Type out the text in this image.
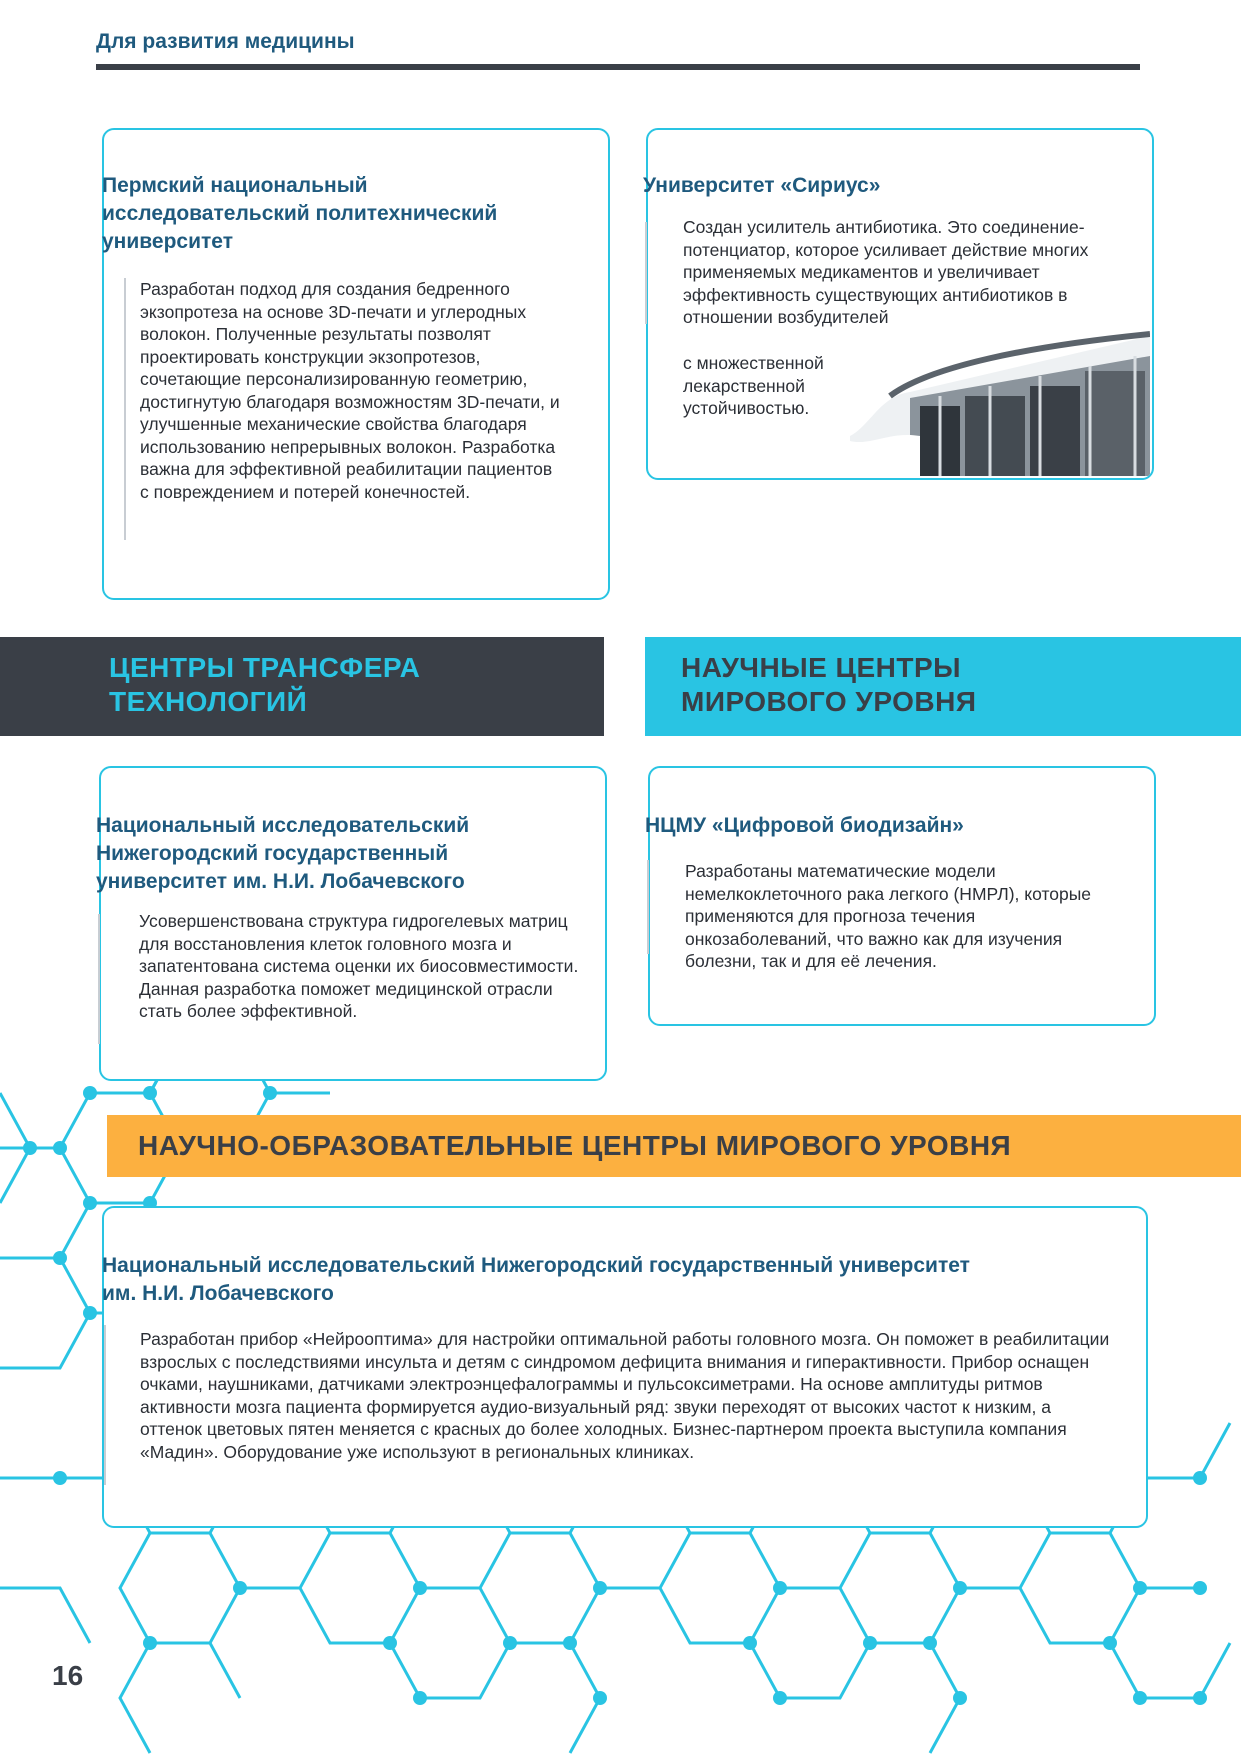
Для развития медицины
Пермский национальный исследовательский политехнический университет
Разработан подход для создания бедренного экзопротеза на основе 3D-печати и углеродных волокон. Полученные результаты позволят проектировать конструкции экзопротезов, сочетающие персонализированную геометрию, достигнутую благодаря возможностям 3D-печати, и улучшенные механические свойства благодаря использованию непрерывных волокон. Разработка важна для эффективной реабилитации пациентов с повреждением и потерей конечностей.
Университет «Сириус»
Создан усилитель антибиотика. Это соединение-потенциатор, которое усиливает действие многих применяемых медикаментов и увеличивает эффективность существующих антибиотиков в отношении возбудителей
с множественной лекарственной устойчивостью.
ЦЕНТРЫ ТРАНСФЕРА ТЕХНОЛОГИЙ
НАУЧНЫЕ ЦЕНТРЫ МИРОВОГО УРОВНЯ
Национальный исследовательский Нижегородский государственный университет им. Н.И. Лобачевского
Усовершенствована структура гидрогелевых матриц для восстановления клеток головного мозга и запатентована система оценки их биосовместимости. Данная разработка поможет медицинской отрасли стать более эффективной.
НЦМУ «Цифровой биодизайн»
Разработаны математические модели немелкоклеточного рака легкого (НМРЛ), которые применяются для прогноза течения онкозаболеваний, что важно как для изучения болезни, так и для её лечения.
НАУЧНО-ОБРАЗОВАТЕЛЬНЫЕ ЦЕНТРЫ МИРОВОГО УРОВНЯ
Национальный исследовательский Нижегородский государственный университет им. Н.И. Лобачевского
Разработан прибор «Нейрооптима» для настройки оптимальной работы головного мозга. Он поможет в реабилитации взрослых с последствиями инсульта и детям с синдромом дефицита внимания и гиперактивности. Прибор оснащен очками, наушниками, датчиками электроэнцефалограммы и пульсоксиметрами. На основе амплитуды ритмов активности мозга пациента формируется аудио-визуальный ряд: звуки переходят от высоких частот к низким, а оттенок цветовых пятен меняется с красных до более холодных. Бизнес-партнером проекта выступила компания «Мадин». Оборудование уже используют в региональных клиниках.
16
